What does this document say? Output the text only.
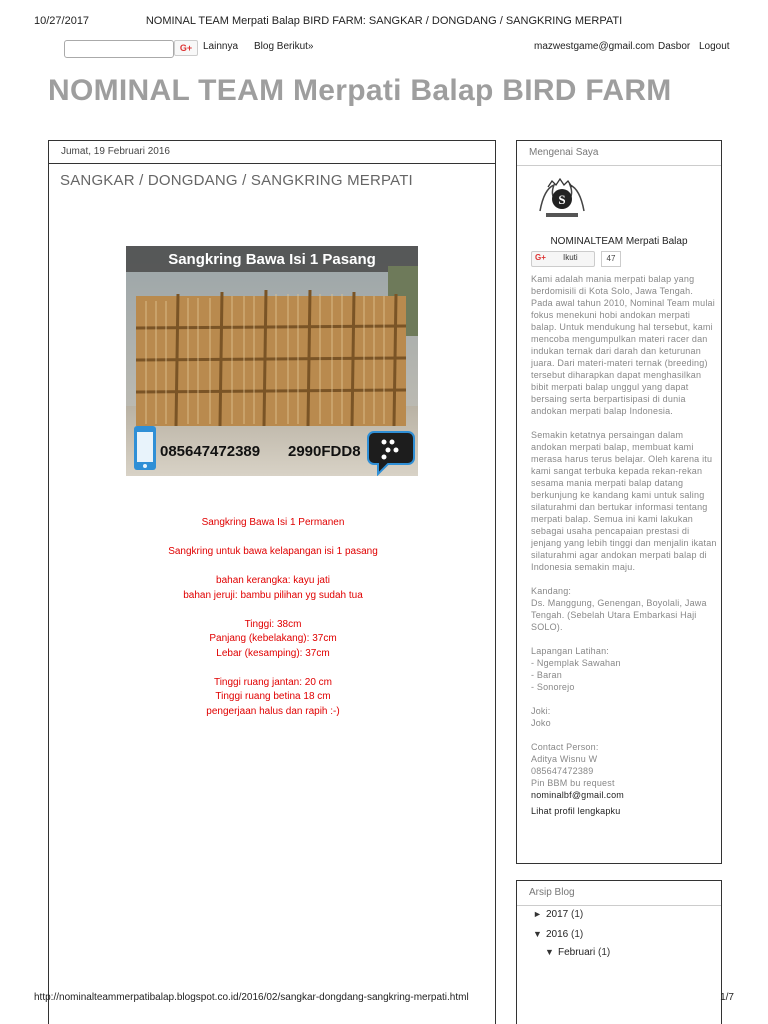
10/27/2017	NOMINAL TEAM Merpati Balap BIRD FARM: SANGKAR / DONGDANG / SANGKRING MERPATI
G+	Lainnya Blog Berikut»	mazwestgame@gmail.com Dasbor Logout
NOMINAL TEAM Merpati Balap BIRD FARM
Jumat, 19 Februari 2016
SANGKAR / DONGDANG / SANGKRING MERPATI
Sangkring Bawa Isi 1 Pasang
085647472389 2990FDD8
Sangkring Bawa Isi 1 Permanen
Sangkring untuk bawa kelapangan isi 1 pasang
bahan kerangka: kayu jati
bahan jeruji: bambu pilihan yg sudah tua
Tinggi: 38cm
Panjang (kebelakang): 37cm
Lebar (kesamping): 37cm
Tinggi ruang jantan: 20 cm
Tinggi ruang betina 18 cm
pengerjaan halus dan rapih :-)
Mengenai Saya
S
NOMINALTEAM Merpati Balap
G+ Ikuti	47

Kami adalah mania merpati balap yang berdomisili di Kota Solo, Jawa Tengah. Pada awal tahun 2010, Nominal Team mulai fokus menekuni hobi andokan merpati balap. Untuk mendukung hal tersebut, kami mencoba mengumpulkan materi racer dan indukan ternak dari darah dan keturunan juara. Dari materi-materi ternak (breeding) tersebut diharapkan dapat menghasilkan bibit merpati balap unggul yang dapat bersaing serta berpartisipasi di dunia andokan merpati balap Indonesia.

Semakin ketatnya persaingan dalam andokan merpati balap, membuat kami merasa harus terus belajar. Oleh karena itu kami sangat terbuka kepada rekan-rekan sesama mania merpati balap datang berkunjung ke kandang kami untuk saling silaturahmi dan bertukar informasi tentang merpati balap. Semua ini kami lakukan sebagai usaha pencapaian prestasi di jenjang yang lebih tinggi dan menjalin ikatan silaturahmi agar andokan merpati balap di Indonesia semakin maju.

Kandang:
Ds. Manggung, Genengan, Boyolali, Jawa Tengah. (Sebelah Utara Embarkasi Haji SOLO).

Lapangan Latihan:
- Ngemplak Sawahan
- Baran
- Sonorejo

Joki:
Joko

Contact Person:
Aditya Wisnu W
085647472389
Pin BBM bu request
nominalbf@gmail.com

Lihat profil lengkapku
Arsip Blog
► 2017 (1)
▼ 2016 (1)
▼ Februari (1)
http://nominalteammerpatibalap.blogspot.co.id/2016/02/sangkar-dongdang-sangkring-merpati.html	1/7
